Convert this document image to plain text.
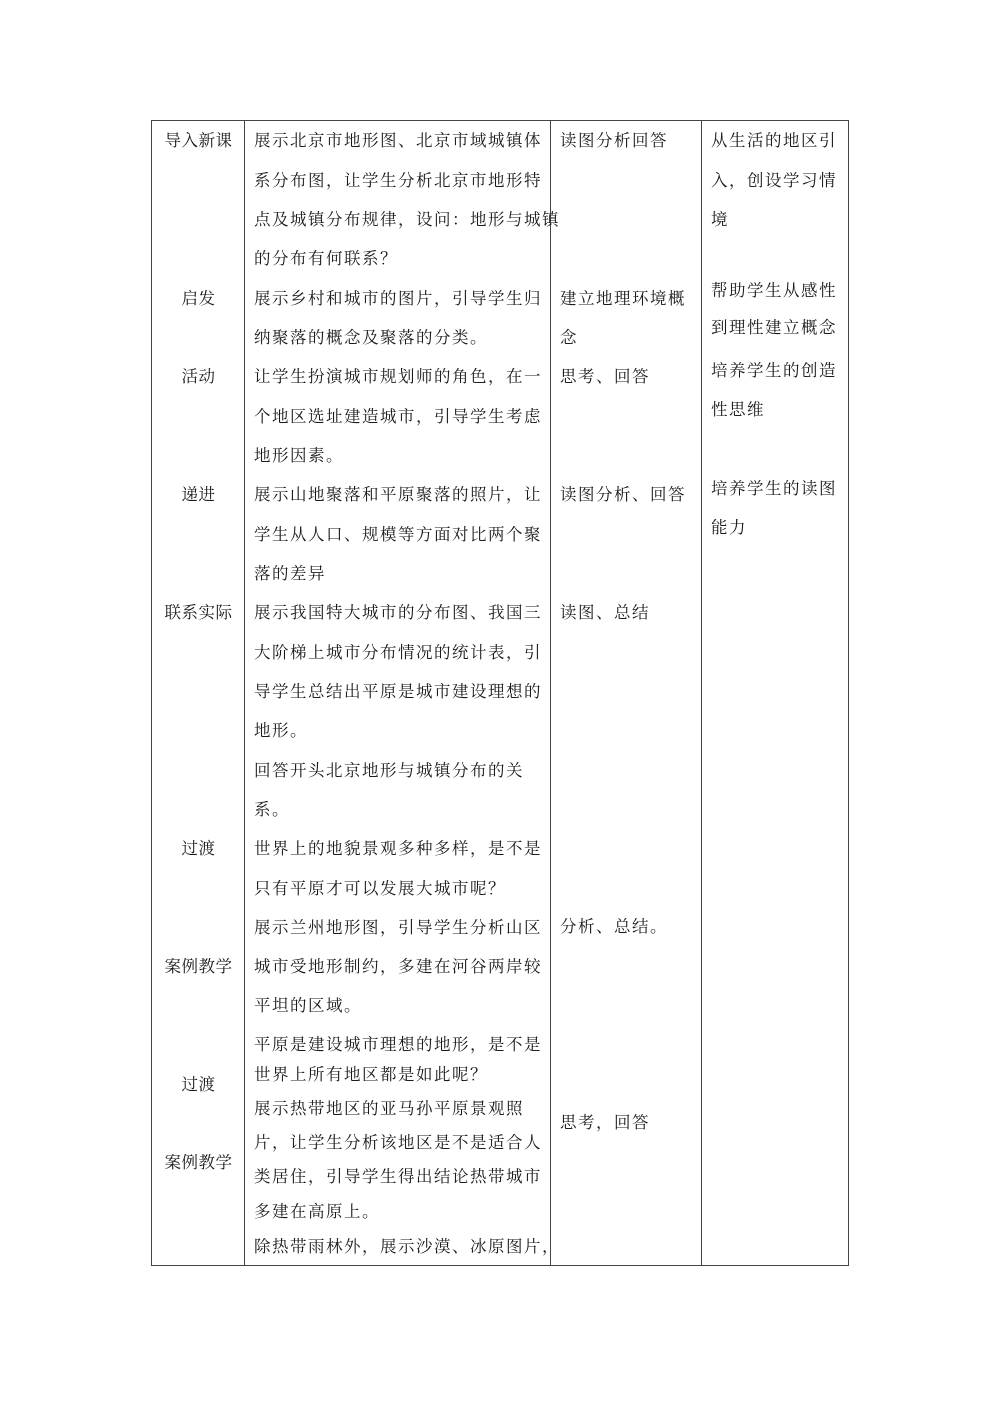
导入新课
启发
活动
递进
联系实际
过渡
案例教学
过渡
案例教学
展示北京市地形图、北京市域城镇体
系分布图，让学生分析北京市地形特
点及城镇分布规律，设问：地形与城镇
的分布有何联系？
展示乡村和城市的图片，引导学生归
纳聚落的概念及聚落的分类。
让学生扮演城市规划师的角色，在一
个地区选址建造城市，引导学生考虑
地形因素。
展示山地聚落和平原聚落的照片，让
学生从人口、规模等方面对比两个聚
落的差异
展示我国特大城市的分布图、我国三
大阶梯上城市分布情况的统计表，引
导学生总结出平原是城市建设理想的
地形。
回答开头北京地形与城镇分布的关
系。
世界上的地貌景观多种多样，是不是
只有平原才可以发展大城市呢？
展示兰州地形图，引导学生分析山区
城市受地形制约，多建在河谷两岸较
平坦的区域。
平原是建设城市理想的地形，是不是
世界上所有地区都是如此呢？
展示热带地区的亚马孙平原景观照
片，让学生分析该地区是不是适合人
类居住，引导学生得出结论热带城市
多建在高原上。
除热带雨林外，展示沙漠、冰原图片，
读图分析回答
建立地理环境概
念
思考、回答
读图分析、回答
读图、总结
分析、总结。
思考，回答
从生活的地区引
入，创设学习情
境
帮助学生从感性
到理性建立概念
培养学生的创造
性思维
培养学生的读图
能力
